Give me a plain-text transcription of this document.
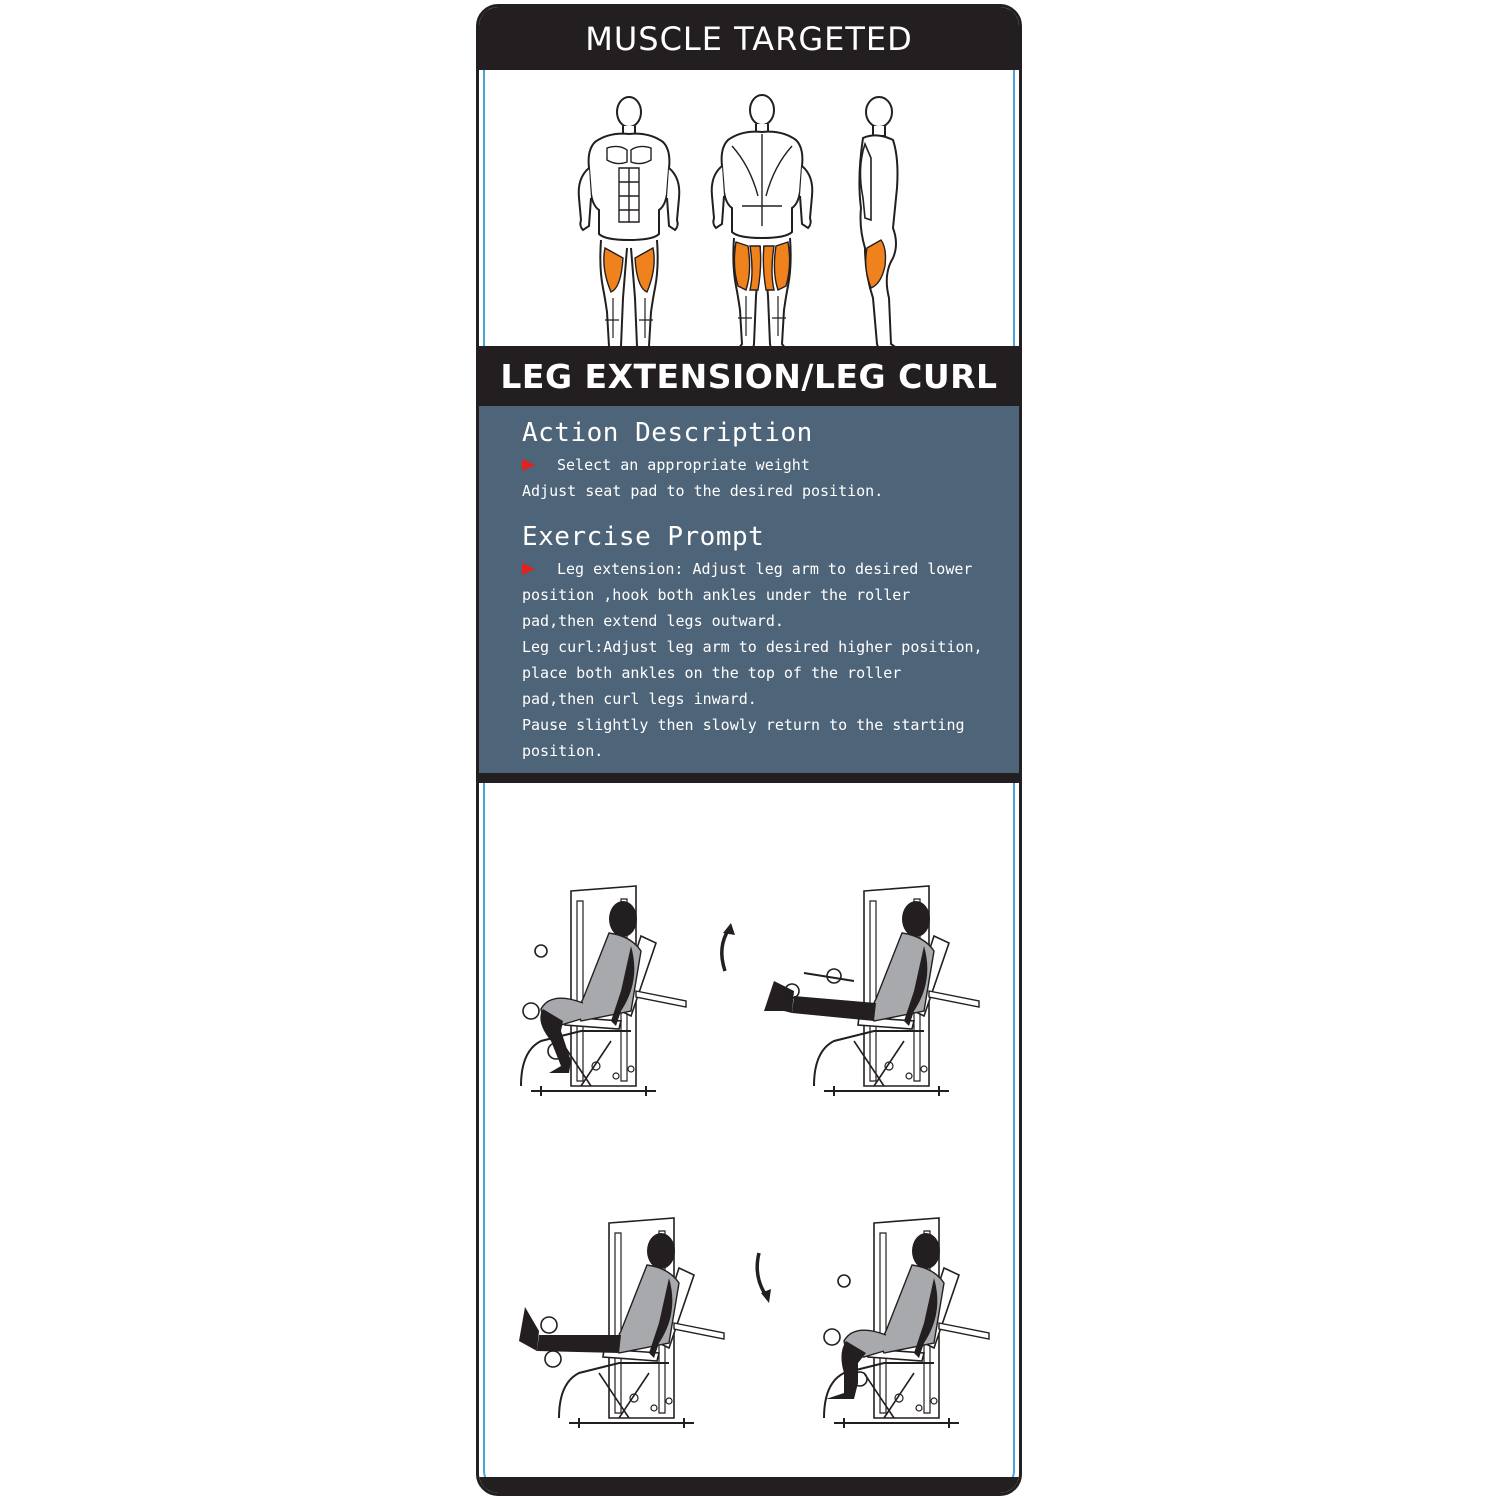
MUSCLE TARGETED
LEG EXTENSION/LEG CURL
Action Description
Select an appropriate weight
Adjust seat pad to the desired position.
Exercise Prompt
Leg extension: Adjust leg arm to desired lower
position ,hook both ankles under the roller
pad,then extend legs outward.
Leg curl:Adjust leg arm to desired higher position,
place both ankles on the top of the roller
pad,then curl legs inward.
Pause slightly then slowly return to the starting
position.
